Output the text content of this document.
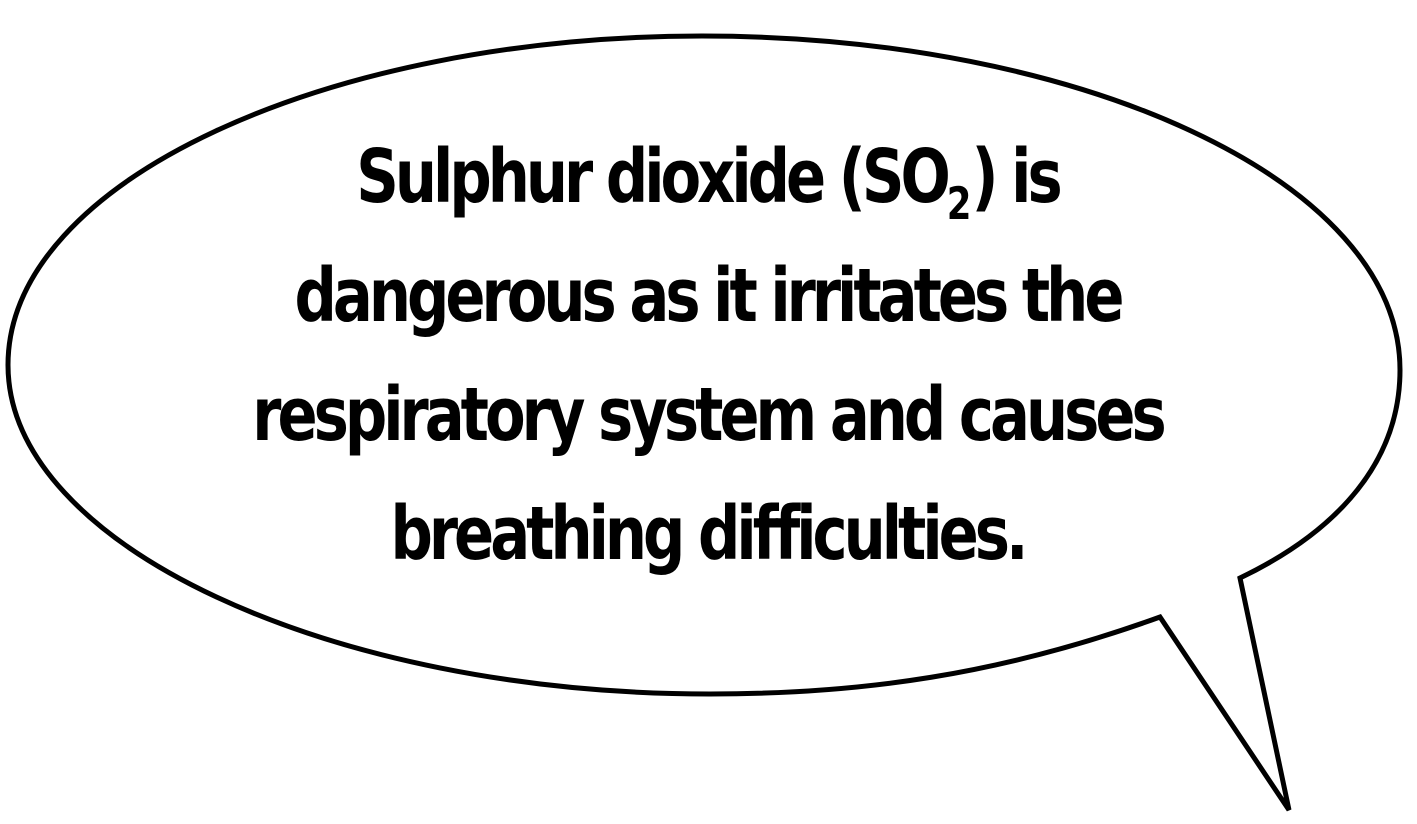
Sulphur dioxide $(SO_2)$ is
dangerous as it irritates the
respiratory system and causes
breathing difficulties.
